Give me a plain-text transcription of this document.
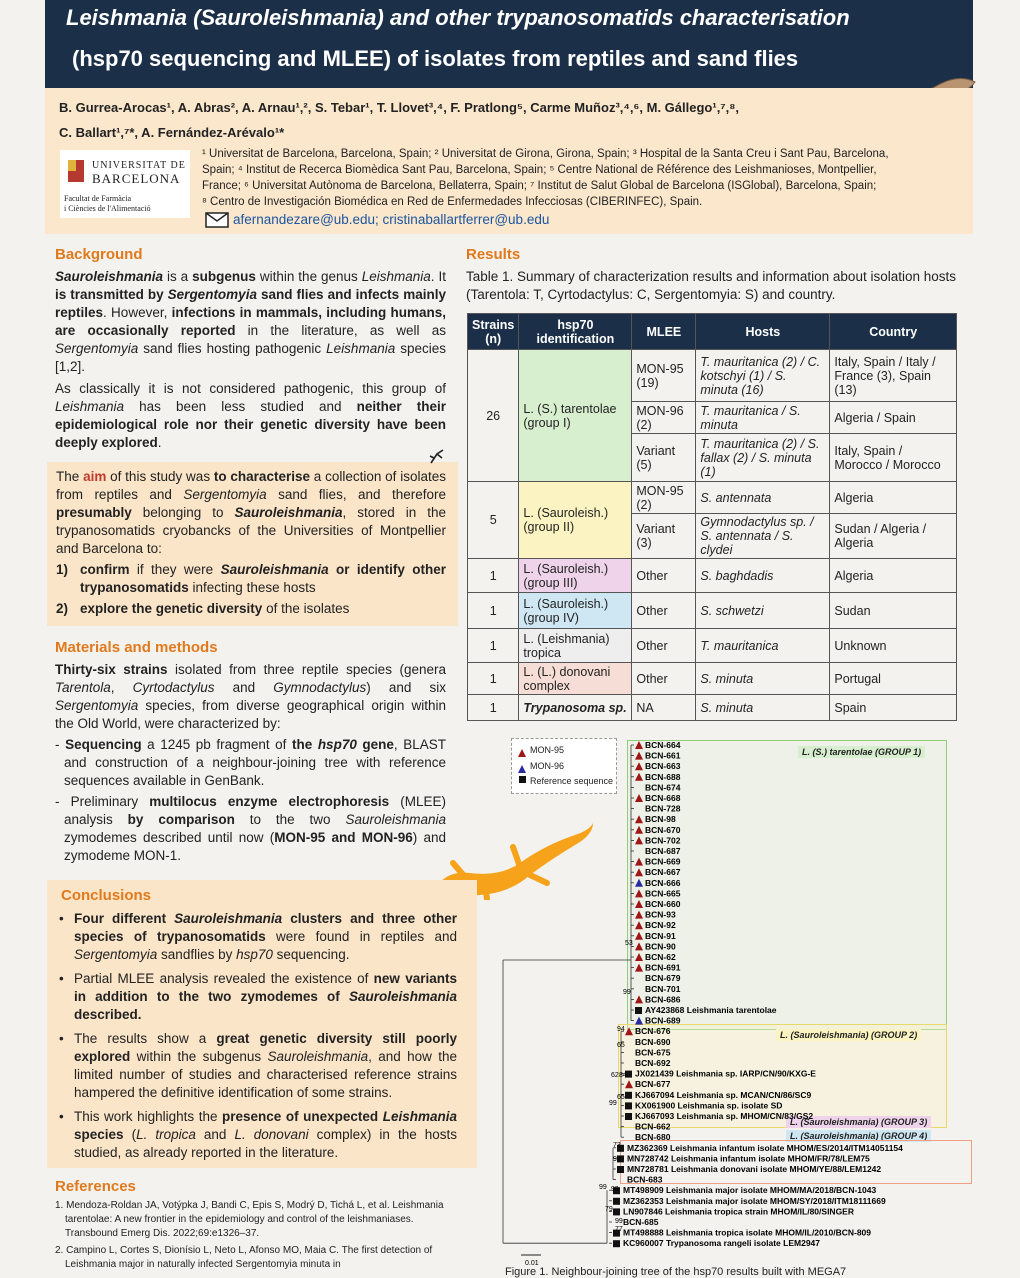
Leishmania (Sauroleishmania) and other trypanosomatids characterisation
(hsp70 sequencing and MLEE) of isolates from reptiles and sand flies
B. Gurrea-Arocas¹, A. Abras², A. Arnau¹,², S. Tebar¹, T. Llovet³,⁴, F. Pratlong⁵, Carme Muñoz³,⁴,⁶, M. Gállego¹,⁷,⁸,
C. Ballart¹,⁷*, A. Fernández-Arévalo¹*
UNIVERSITAT DE
BARCELONA
Facultat de Farmàcia
i Ciències de l'Alimentació
¹ Universitat de Barcelona, Barcelona, Spain; ² Universitat de Girona, Girona, Spain; ³ Hospital de la Santa Creu i Sant Pau, Barcelona,
Spain; ⁴ Institut de Recerca Biomèdica Sant Pau, Barcelona, Spain; ⁵ Centre National de Référence des Leishmanioses, Montpellier,
France; ⁶ Universitat Autònoma de Barcelona, Bellaterra, Spain; ⁷ Institut de Salut Global de Barcelona (ISGlobal), Barcelona, Spain;
⁸ Centro de Investigación Biomédica en Red de Enfermedades Infecciosas (CIBERINFEC), Spain.
afernandezare@ub.edu; cristinaballartferrer@ub.edu
Background
Sauroleishmania is a subgenus within the genus Leishmania. It is transmitted by Sergentomyia sand flies and infects mainly reptiles. However, infections in mammals, including humans, are occasionally reported in the literature, as well as Sergentomyia sand flies hosting pathogenic Leishmania species [1,2].
As classically it is not considered pathogenic, this group of Leishmania has been less studied and neither their epidemiological role nor their genetic diversity have been deeply explored.
The aim of this study was to characterise a collection of isolates from reptiles and Sergentomyia sand flies, and therefore presumably belonging to Sauroleishmania, stored in the trypanosomatids cryobancks of the Universities of Montpellier and Barcelona to:
1) confirm if they were Sauroleishmania or identify other trypanosomatids infecting these hosts
2) explore the genetic diversity of the isolates
Materials and methods
Thirty-six strains isolated from three reptile species (genera Tarentola, Cyrtodactylus and Gymnodactylus) and six Sergentomyia species, from diverse geographical origin within the Old World, were characterized by:
- Sequencing a 1245 pb fragment of the hsp70 gene, BLAST and construction of a neighbour-joining tree with reference sequences available in GenBank.
- Preliminary multilocus enzyme electrophoresis (MLEE) analysis by comparison to the two Sauroleishmania zymodemes described until now (MON-95 and MON-96) and zymodeme MON-1.
Conclusions
• Four different Sauroleishmania clusters and three other species of trypanosomatids were found in reptiles and Sergentomyia sandflies by hsp70 sequencing.
• Partial MLEE analysis revealed the existence of new variants in addition to the two zymodemes of Sauroleishmania described.
• The results show a great genetic diversity still poorly explored within the subgenus Sauroleishmania, and how the limited number of studies and characterised reference strains hampered the definitive identification of some strains.
• This work highlights the presence of unexpected Leishmania species (L. tropica and L. donovani complex) in the hosts studied, as already reported in the literature.
References
1. Mendoza-Roldan JA, Votýpka J, Bandi C, Epis S, Modrý D, Tichá L, et al. Leishmania tarentolae: A new frontier in the epidemiology and control of the leishmaniases. Transbound Emerg Dis. 2022;69:e1326–37.
2. Campino L, Cortes S, Dionísio L, Neto L, Afonso MO, Maia C. The first detection of Leishmania major in naturally infected Sergentomyia minuta in
Results
Table 1. Summary of characterization results and information about isolation hosts (Tarentola: T, Cyrtodactylus: C, Sergentomyia: S) and country.
Strains (n)	hsp70 identification	MLEE	Hosts	Country
26	L. (S.) tarentolae (group I)	MON-95 (19)	T. mauritanica (2) / C. kotschyi (1) / S. minuta (16)	Italy, Spain / Italy / France (3), Spain (13)
		MON-96 (2)	T. mauritanica / S. minuta	Algeria / Spain
		Variant (5)	T. mauritanica (2) / S. fallax (2) / S. minuta (1)	Italy, Spain / Morocco / Morocco
5	L. (Sauroleish.) (group II)	MON-95 (2)	S. antennata	Algeria
		Variant (3)	Gymnodactylus sp. / S. antennata / S. clydei	Sudan / Algeria / Algeria
1	L. (Sauroleish.) (group III)	Other	S. baghdadis	Algeria
1	L. (Sauroleish.) (group IV)	Other	S. schwetzi	Sudan
1	L. (Leishmania) tropica	Other	T. mauritanica	Unknown
1	L. (L.) donovani complex	Other	S. minuta	Portugal
1	Trypanosoma sp.	NA	S. minuta	Spain
MON-95
MON-96
Reference sequence
L. (S.) tarentolae (GROUP 1)
L. (Sauroleishmania) (GROUP 2)
L. (Sauroleishmania) (GROUP 3)
L. (Sauroleishmania) (GROUP 4)
BCN-664
BCN-661
BCN-663
BCN-688
BCN-674
BCN-668
BCN-728
BCN-98
BCN-670
BCN-702
BCN-687
BCN-669
BCN-667
BCN-666
BCN-665
BCN-660
BCN-93
BCN-92
BCN-91
BCN-90
BCN-62
BCN-691
BCN-679
BCN-701
BCN-686
AY423868 Leishmania tarentolae
BCN-689
BCN-676
BCN-690
BCN-675
BCN-692
JX021439 Leishmania sp. IARP/CN/90/KXG-E
BCN-677
KJ667094 Leishmania sp. MCAN/CN/86/SC9
KX061900 Leishmania sp. isolate SD
KJ667093 Leishmania sp. MHOM/CN/83/GS2
BCN-662
BCN-680
MZ362369 Leishmania infantum isolate MHOM/ES/2014/ITM14051154
MN728742 Leishmania infantum isolate MHOM/FR/78/LEM75
MN728781 Leishmania donovani isolate MHOM/YE/88/LEM1242
BCN-683
MT498909 Leishmania major isolate MHOM/MA/2018/BCN-1043
MZ362353 Leishmania major isolate MHOM/SY/2018/ITM18111669
LN907846 Leishmania tropica strain MHOM/IL/80/SINGER
BCN-685
MT498888 Leishmania tropica isolate MHOM/IL/2010/BCN-809
KC960007 Trypanosoma rangeli isolate LEM2947
53
99
94
65
62 84
99
65
73
99
99 99
79
99
77
0.01
Figure 1. Neighbour-joining tree of the hsp70 results built with MEGA7
